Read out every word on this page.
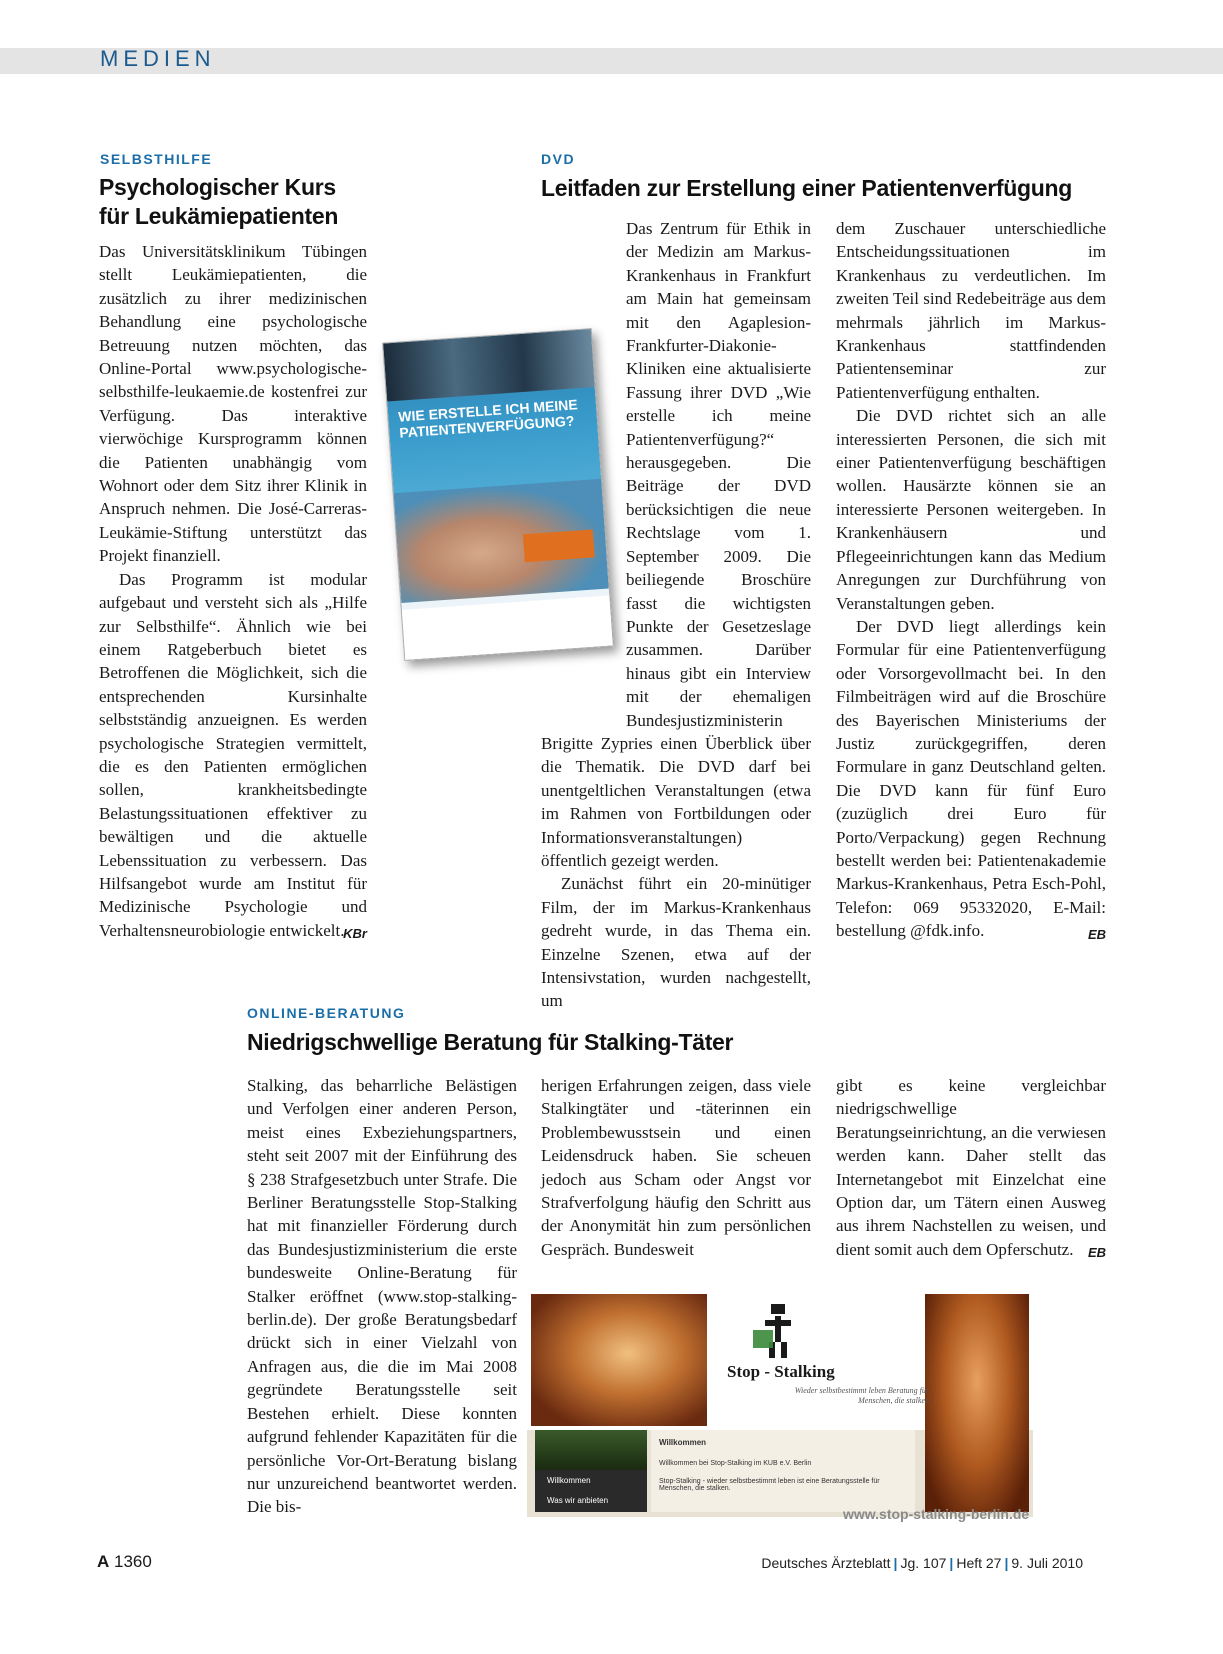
MEDIEN
SELBSTHILFE
Psychologischer Kurs
für Leukämiepatienten

Das Universitätsklinikum Tübingen stellt Leukämiepatienten, die zusätzlich zu ihrer medizinischen Behandlung eine psychologische Betreuung nutzen möchten, das Online-Portal www.psychologische-selbsthilfe-leukaemie.de kostenfrei zur Verfügung. Das interaktive vierwöchige Kursprogramm können die Patienten unabhängig vom Wohnort oder dem Sitz ihrer Klinik in Anspruch nehmen. Die José-Carreras-Leukämie-Stiftung unterstützt das Projekt finanziell.

Das Programm ist modular aufgebaut und versteht sich als „Hilfe zur Selbsthilfe“. Ähnlich wie bei einem Ratgeberbuch bietet es Betroffenen die Möglichkeit, sich die entsprechenden Kursinhalte selbstständig anzueignen. Es werden psychologische Strategien vermittelt, die es den Patienten ermöglichen sollen, krankheitsbedingte Belastungssituationen effektiver zu bewältigen und die aktuelle Lebenssituation zu verbessern. Das Hilfsangebot wurde am Institut für Medizinische Psychologie und Verhaltensneurobiologie entwickelt.

KBr
DVD
Leitfaden zur Erstellung einer Patientenverfügung

Das Zentrum für Ethik in der Medizin am Markus-Krankenhaus in Frankfurt am Main hat gemeinsam mit den Agaplesion-Frankfurter-Diakonie-Kliniken eine aktualisierte Fassung ihrer DVD „Wie erstelle ich meine Patientenverfügung?“ herausgegeben. Die Beiträge der DVD berücksichtigen die neue Rechtslage vom 1. September 2009. Die beiliegende Broschüre fasst die wichtigsten Punkte der Gesetzeslage zusammen. Darüber hinaus gibt ein Interview mit der ehemaligen Bundesjustizministerin Brigitte Zypries einen Überblick über die Thematik. Die DVD darf bei unentgeltlichen Veranstaltungen (etwa im Rahmen von Fortbildungen oder Informationsveranstaltungen) öffentlich gezeigt werden.

Zunächst führt ein 20-minütiger Film, der im Markus-Krankenhaus gedreht wurde, in das Thema ein. Einzelne Szenen, etwa auf der Intensivstation, wurden nachgestellt, um

dem Zuschauer unterschiedliche Entscheidungssituationen im Krankenhaus zu verdeutlichen. Im zweiten Teil sind Redebeiträge aus dem mehrmals jährlich im Markus-Krankenhaus stattfindenden Patientenseminar zur Patientenverfügung enthalten.

Die DVD richtet sich an alle interessierten Personen, die sich mit einer Patientenverfügung beschäftigen wollen. Hausärzte können sie an interessierte Personen weitergeben. In Krankenhäusern und Pflegeeinrichtungen kann das Medium Anregungen zur Durchführung von Veranstaltungen geben.

Der DVD liegt allerdings kein Formular für eine Patientenverfügung oder Vorsorgevollmacht bei. In den Filmbeiträgen wird auf die Broschüre des Bayerischen Ministeriums der Justiz zurückgegriffen, deren Formulare in ganz Deutschland gelten. Die DVD kann für fünf Euro (zuzüglich drei Euro für Porto/Verpackung) gegen Rechnung bestellt werden bei: Patientenakademie Markus-Krankenhaus, Petra Esch-Pohl, Telefon: 069 95332020, E-Mail: bestellung @fdk.info.	EB
WIE ERSTELLE ICH MEINE PATIENTENVERFÜGUNG?
ONLINE-BERATUNG
Niedrigschwellige Beratung für Stalking-Täter

Stalking, das beharrliche Belästigen und Verfolgen einer anderen Person, meist eines Exbeziehungspartners, steht seit 2007 mit der Einführung des § 238 Strafgesetzbuch unter Strafe. Die Berliner Beratungsstelle Stop-Stalking hat mit finanzieller Förderung durch das Bundesjustizministerium die erste bundesweite Online-Beratung für Stalker eröffnet (www.stop-stalking-berlin.de). Der große Beratungsbedarf drückt sich in einer Vielzahl von Anfragen aus, die die im Mai 2008 gegründete Beratungsstelle seit Bestehen erhielt. Diese konnten aufgrund fehlender Kapazitäten für die persönliche Vor-Ort-Beratung bislang nur unzureichend beantwortet werden. Die bis-

herigen Erfahrungen zeigen, dass viele Stalkingtäter und -täterinnen ein Problembewusstsein und einen Leidensdruck haben. Sie scheuen jedoch aus Scham oder Angst vor Strafverfolgung häufig den Schritt aus der Anonymität hin zum persönlichen Gespräch. Bundesweit

gibt es keine vergleichbar niedrigschwellige Beratungseinrichtung, an die verwiesen werden kann. Daher stellt das Internetangebot mit Einzelchat eine Option dar, um Tätern einen Ausweg aus ihrem Nachstellen zu weisen, und dient somit auch dem Opferschutz.	EB
Stop - Stalking
Wieder selbstbestimmt leben Beratung für Menschen, die stalken
Willkommen
Was wir anbieten
Willkommen
Willkommen bei Stop-Stalking im KUB e.V. Berlin
Stop-Stalking - wieder selbstbestimmt leben ist eine Beratungsstelle für Menschen, die stalken.
www.stop-stalking-berlin.de
A 1360	Deutsches Ärzteblatt | Jg. 107 | Heft 27 | 9. Juli 2010
